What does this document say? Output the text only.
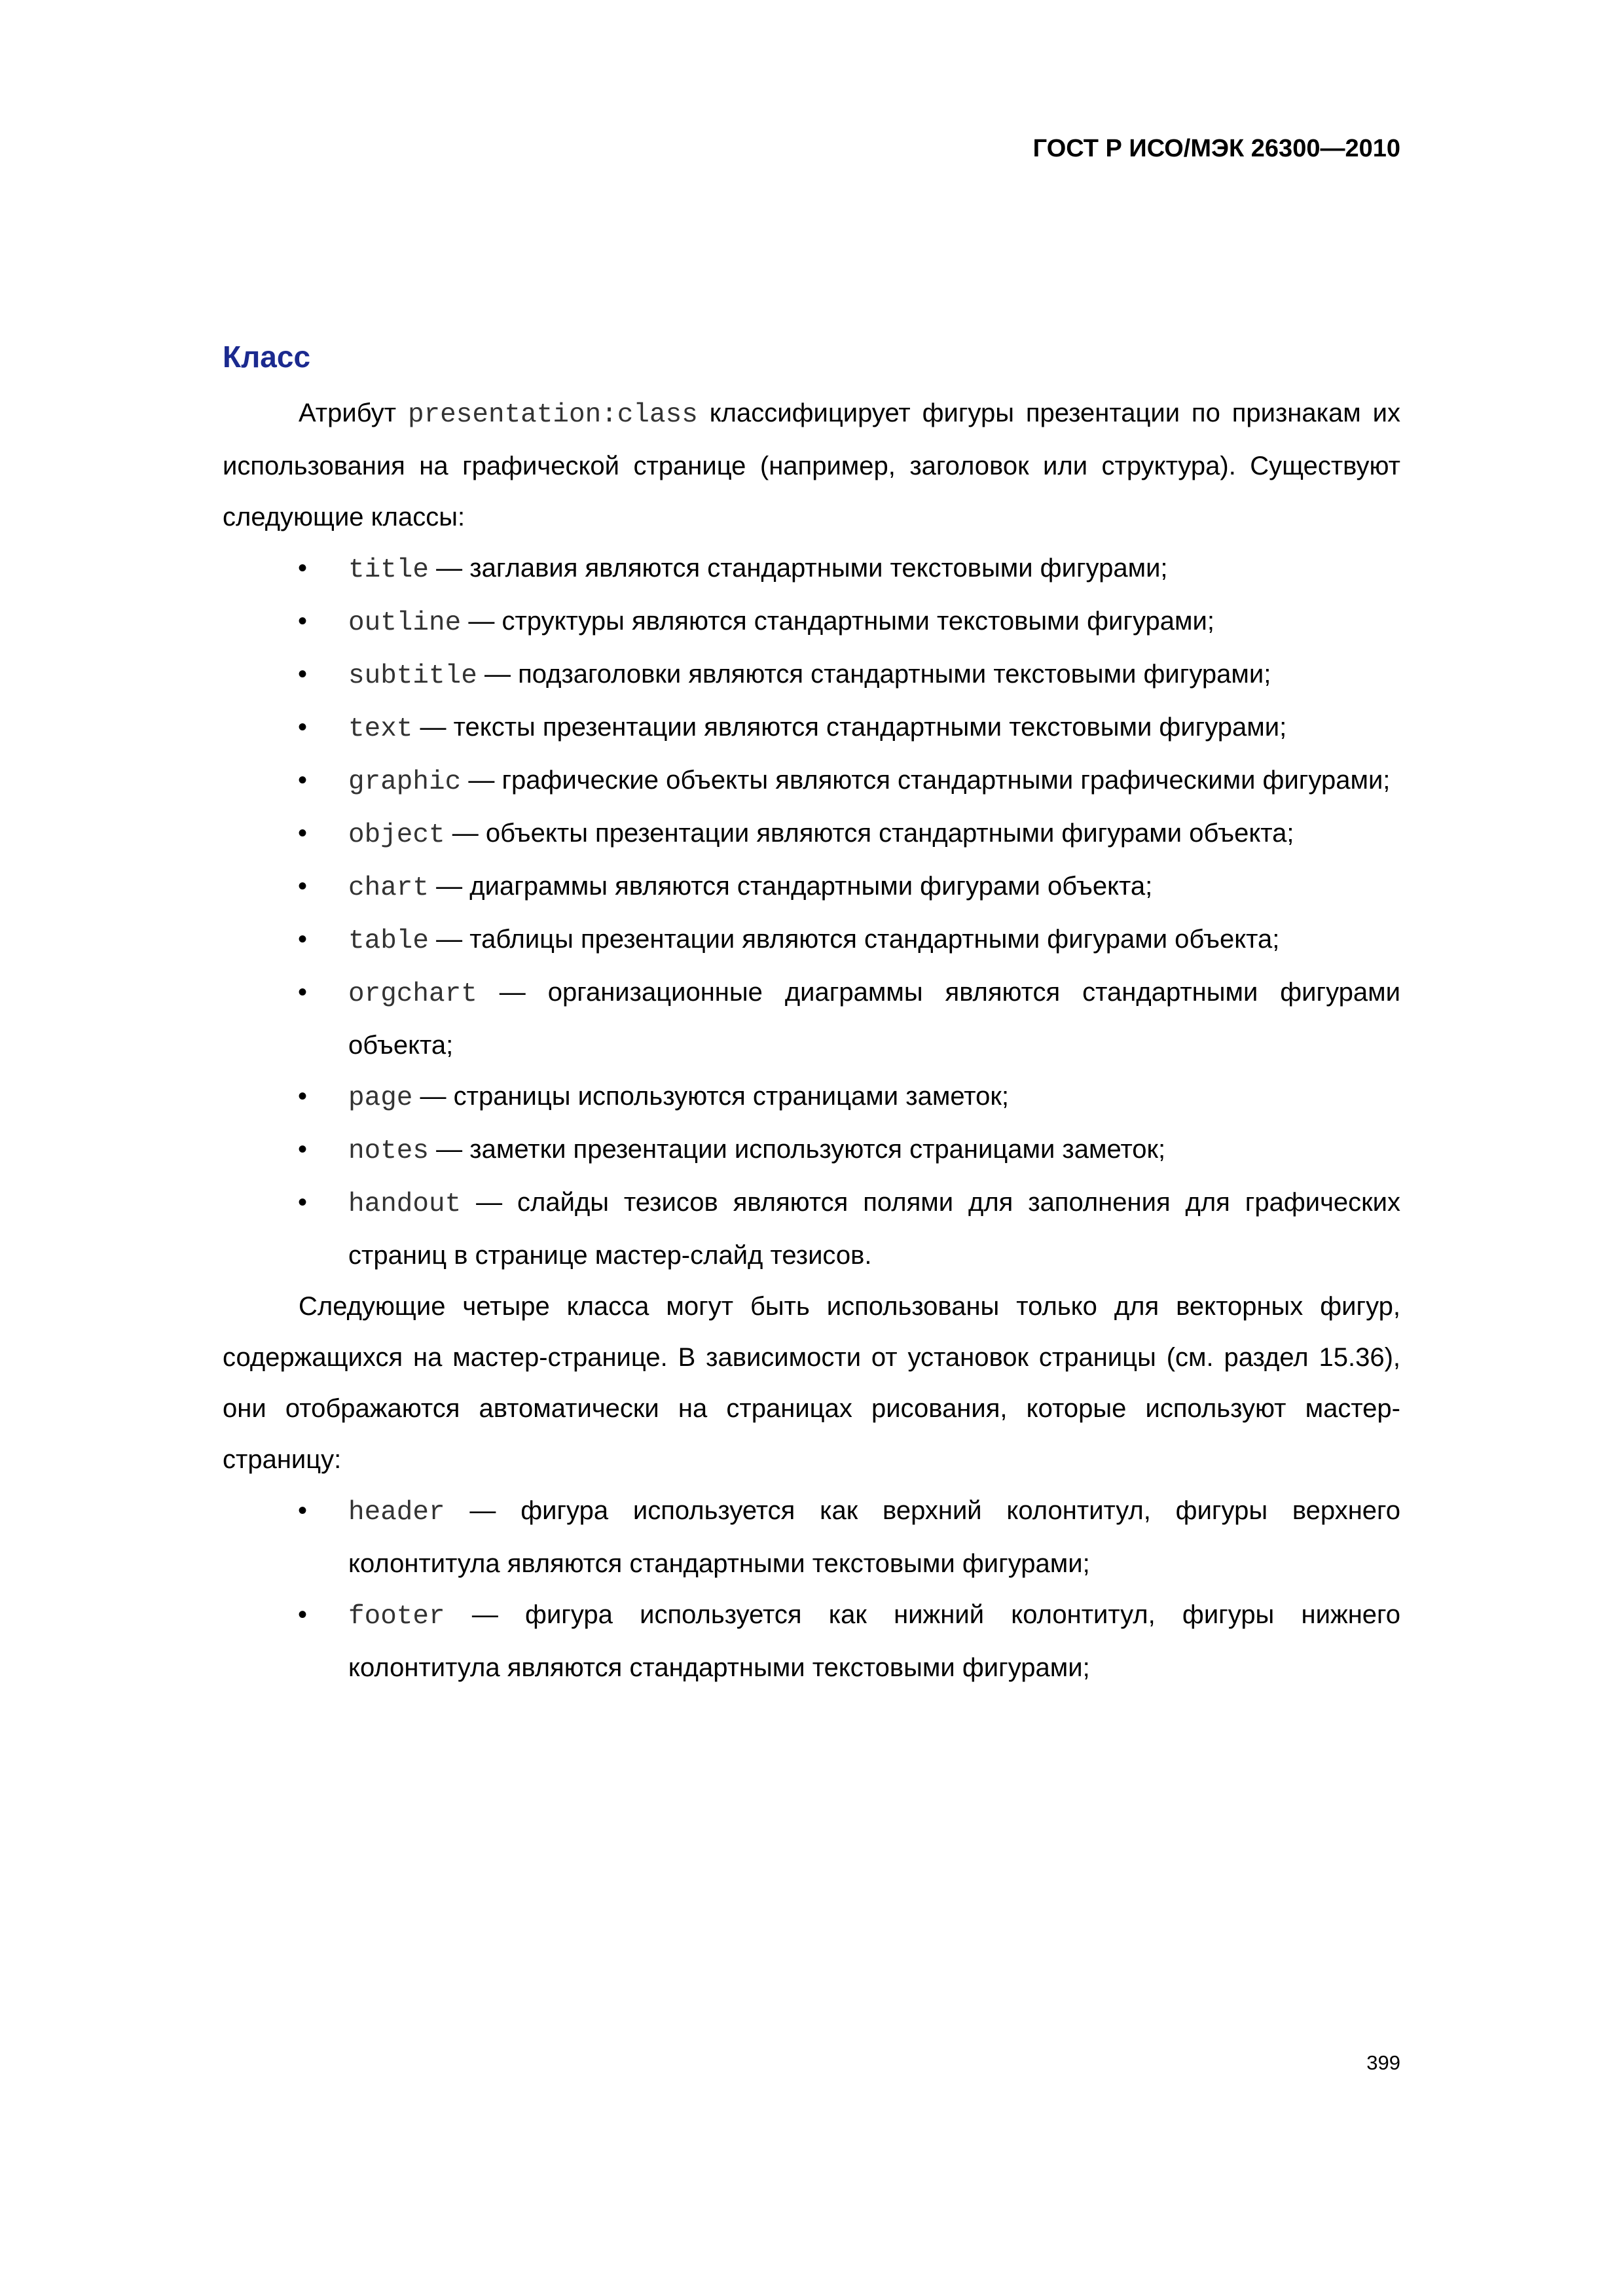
ГОСТ Р ИСО/МЭК 26300—2010
Класс

Атрибут presentation:class классифицирует фигуры презентации по признакам их использования на графической странице (например, заголовок или структура). Существуют следующие классы:

• title — заглавия являются стандартными текстовыми фигурами;
• outline — структуры являются стандартными текстовыми фигурами;
• subtitle — подзаголовки являются стандартными текстовыми фигурами;
• text — тексты презентации являются стандартными текстовыми фигурами;
• graphic — графические объекты являются стандартными графическими фигурами;
• object — объекты презентации являются стандартными фигурами объекта;
• chart — диаграммы являются стандартными фигурами объекта;
• table — таблицы презентации являются стандартными фигурами объекта;
• orgchart — организационные диаграммы являются стандартными фигурами объекта;
• page — страницы используются страницами заметок;
• notes — заметки презентации используются страницами заметок;
• handout — слайды тезисов являются полями для заполнения для графических страниц в странице мастер-слайд тезисов.

Следующие четыре класса могут быть использованы только для векторных фигур, содержащихся на мастер-странице. В зависимости от установок страницы (см. раздел 15.36), они отображаются автоматически на страницах рисования, которые используют мастер-страницу:

• header — фигура используется как верхний колонтитул, фигуры верхнего колонтитула являются стандартными текстовыми фигурами;
• footer — фигура используется как нижний колонтитул, фигуры нижнего колонтитула являются стандартными текстовыми фигурами;
399
